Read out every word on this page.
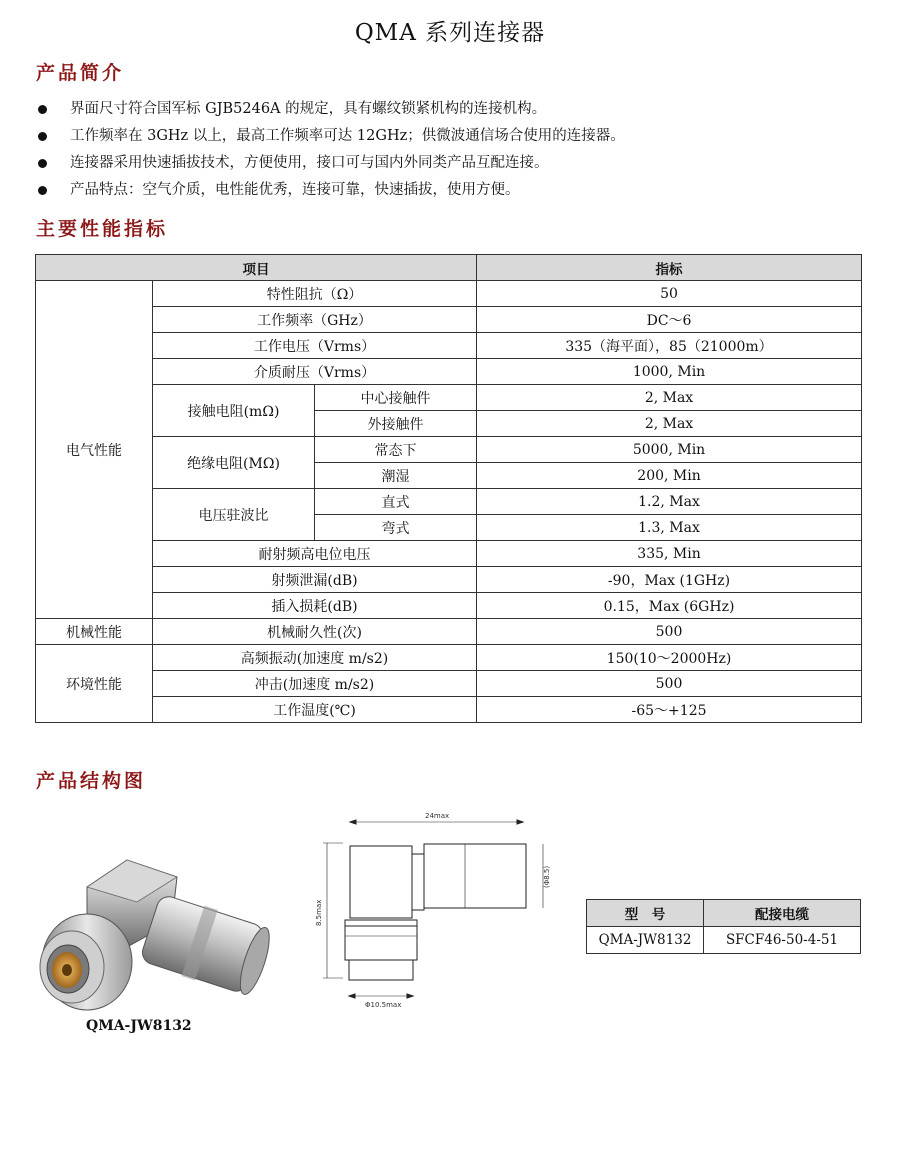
QMA 系列连接器
产品简介
界面尺寸符合国军标 GJB5246A 的规定，具有螺纹锁紧机构的连接机构。
工作频率在 3GHz 以上，最高工作频率可达 12GHz；供微波通信场合使用的连接器。
连接器采用快速插拔技术，方便使用，接口可与国内外同类产品互配连接。
产品特点：空气介质，电性能优秀，连接可靠，快速插拔，使用方便。
主要性能指标
项目			指标
电气性能	特性阻抗（Ω）		50
	工作频率（GHz）		DC～6
	工作电压（Vrms）		335（海平面），85（21000m）
	介质耐压（Vrms）		1000, Min
	接触电阻(mΩ)	中心接触件	2, Max
		外接触件	2, Max
	绝缘电阻(MΩ)	常态下	5000, Min
		潮湿	200, Min
	电压驻波比	直式	1.2, Max
		弯式	1.3, Max
	耐射频高电位电压		335, Min
	射频泄漏(dB)		-90，Max (1GHz)
	插入损耗(dB)		0.15，Max (6GHz)
机械性能	机械耐久性(次)		500
环境性能	高频振动(加速度 m/s2)		150(10～2000Hz)
	冲击(加速度 m/s2)		500
	工作温度(℃)		-65～+125
产品结构图
QMA-JW8132
24max
8.5max
(Φ8.5)
Φ10.5max
型　号	配接电缆
QMA-JW8132	SFCF46-50-4-51
